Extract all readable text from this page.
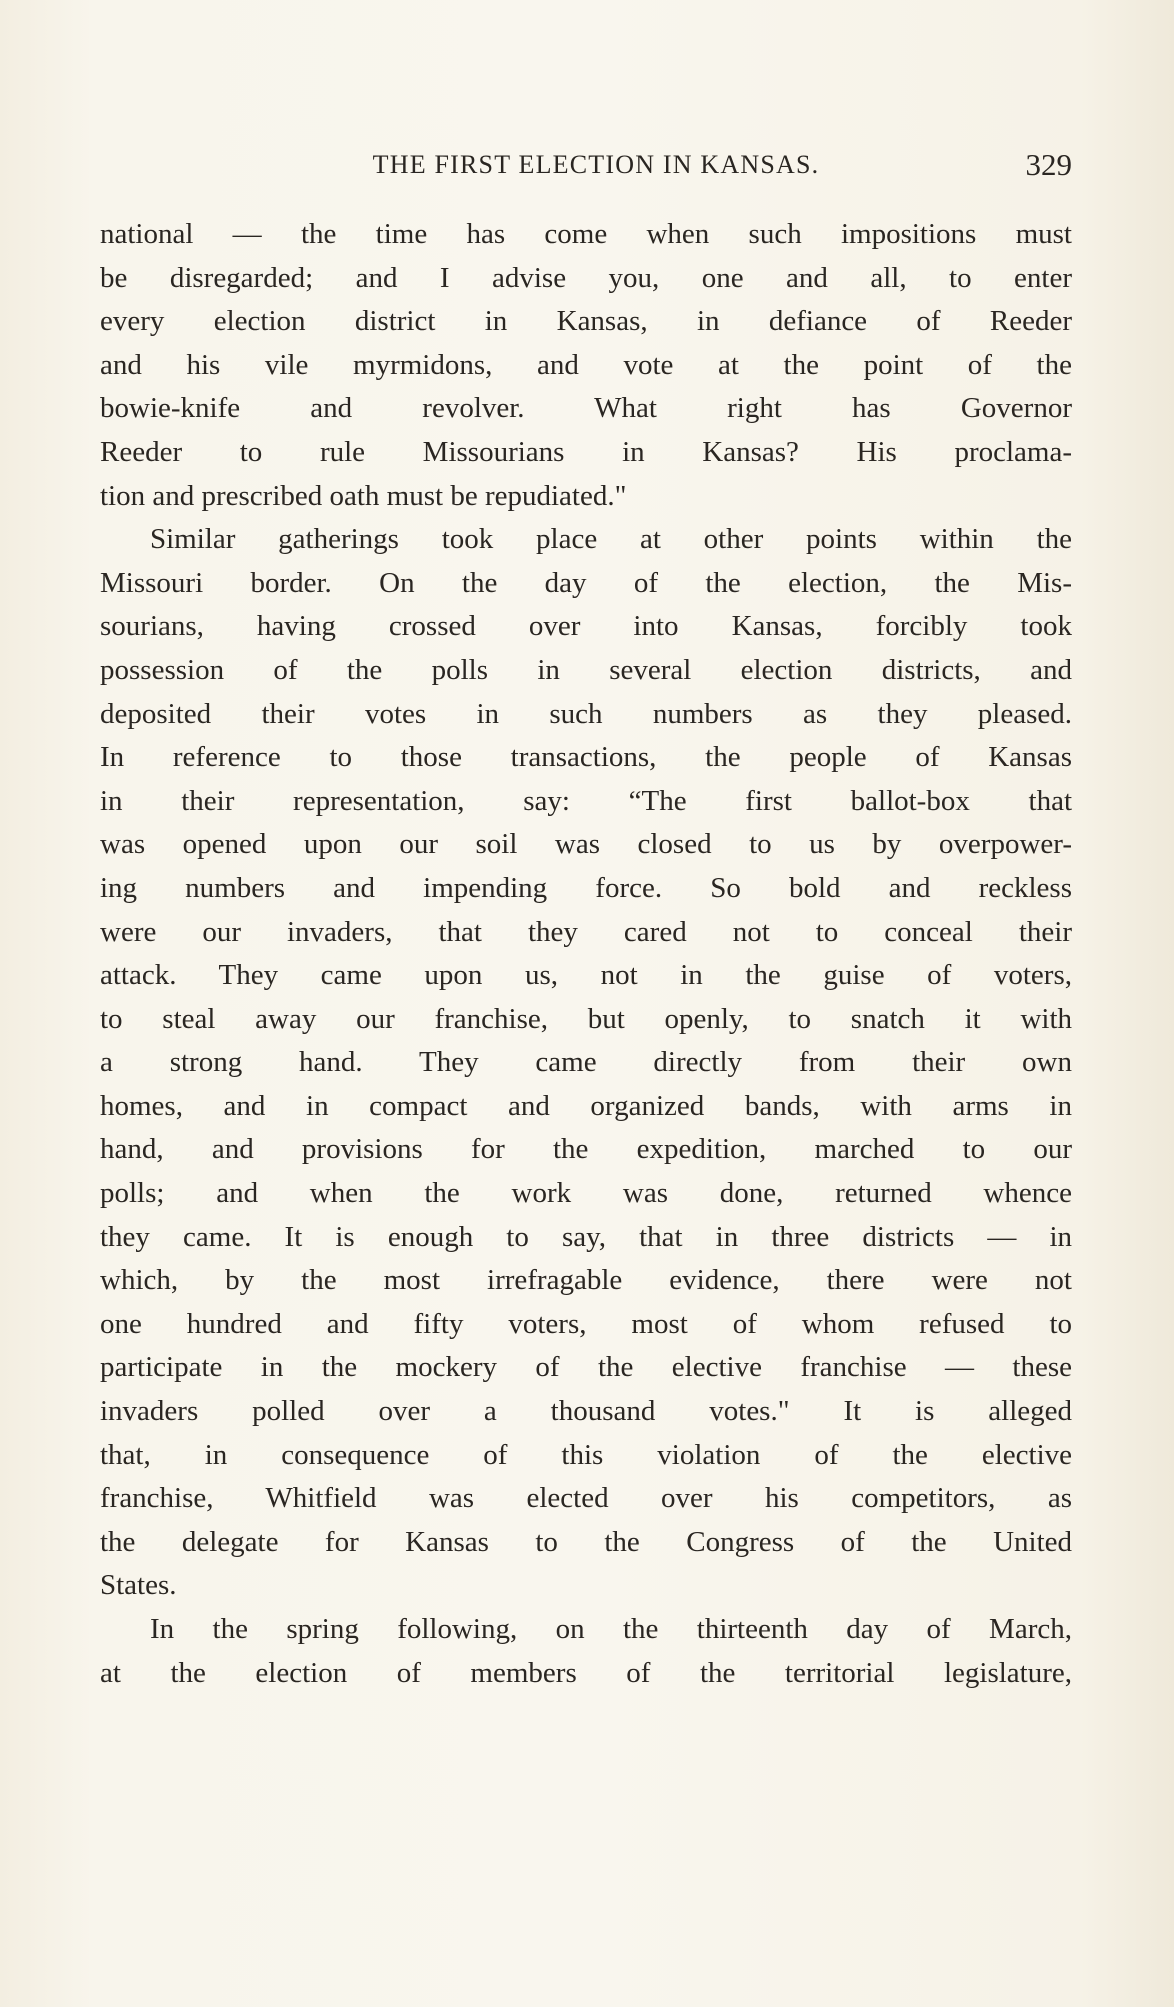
THE FIRST ELECTION IN KANSAS.	329
national — the time has come when such impositions must
be disregarded; and I advise you, one and all, to enter
every election district in Kansas, in defiance of Reeder
and his vile myrmidons, and vote at the point of the
bowie-knife and revolver. What right has Governor
Reeder to rule Missourians in Kansas? His proclama-
tion and prescribed oath must be repudiated."
Similar gatherings took place at other points within the
Missouri border. On the day of the election, the Mis-
sourians, having crossed over into Kansas, forcibly took
possession of the polls in several election districts, and
deposited their votes in such numbers as they pleased.
In reference to those transactions, the people of Kansas
in their representation, say: “The first ballot-box that
was opened upon our soil was closed to us by overpower-
ing numbers and impending force. So bold and reckless
were our invaders, that they cared not to conceal their
attack. They came upon us, not in the guise of voters,
to steal away our franchise, but openly, to snatch it with
a strong hand. They came directly from their own
homes, and in compact and organized bands, with arms in
hand, and provisions for the expedition, marched to our
polls; and when the work was done, returned whence
they came. It is enough to say, that in three districts — in
which, by the most irrefragable evidence, there were not
one hundred and fifty voters, most of whom refused to
participate in the mockery of the elective franchise — these
invaders polled over a thousand votes." It is alleged
that, in consequence of this violation of the elective
franchise, Whitfield was elected over his competitors, as
the delegate for Kansas to the Congress of the United
States.
In the spring following, on the thirteenth day of March,
at the election of members of the territorial legislature,
